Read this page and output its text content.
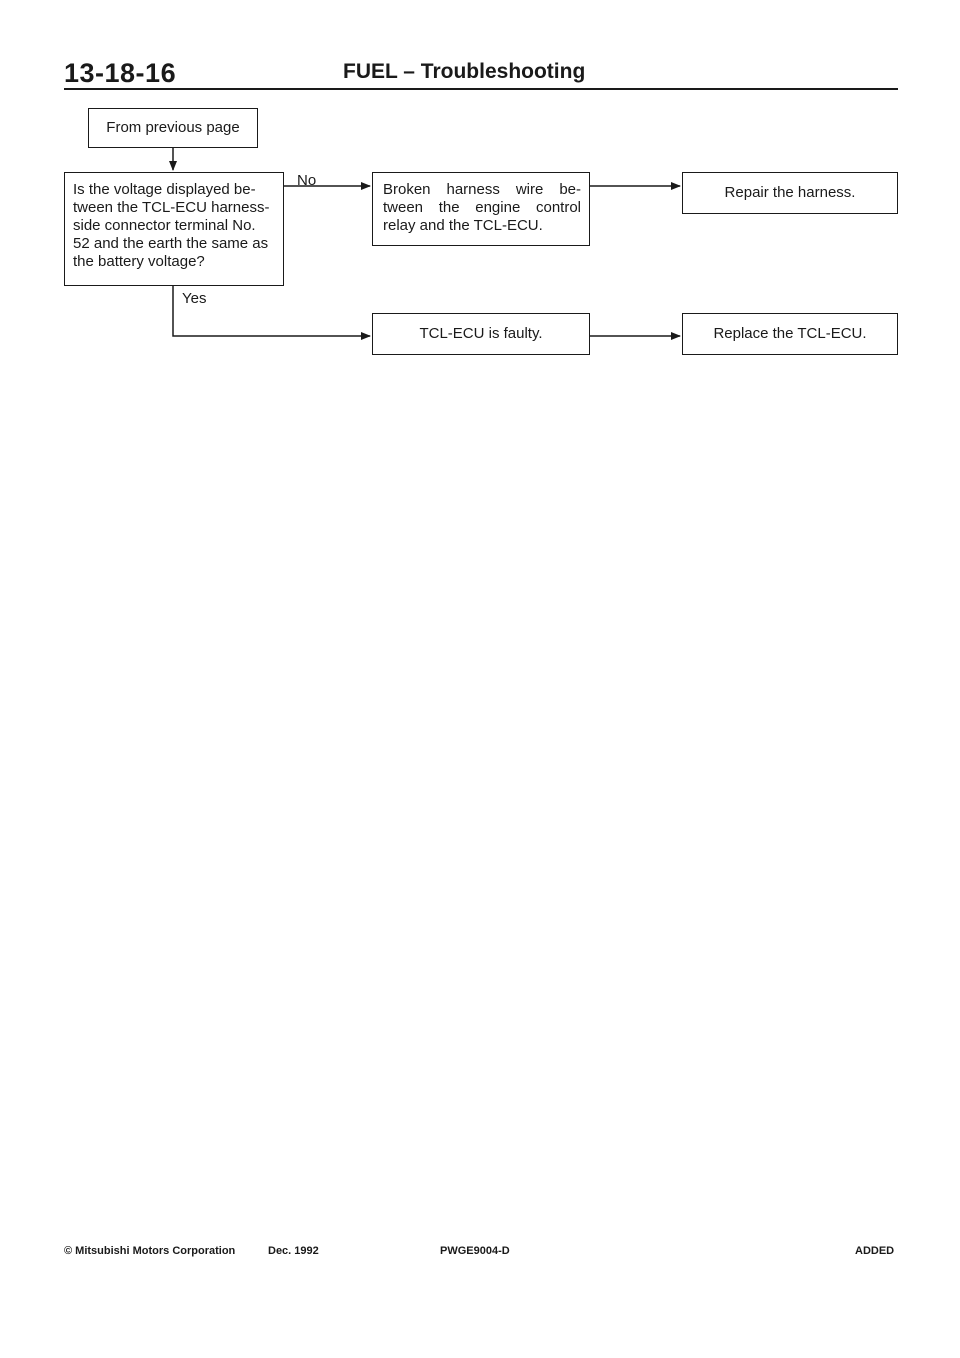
13-18-16	FUEL – Troubleshooting
From previous page
Is the voltage displayed be-tween the TCL-ECU harness-side connector terminal No. 52 and the earth the same as the battery voltage?
No
Yes
Broken harness wire be-tween the engine control relay and the TCL-ECU.
Repair the harness.
TCL-ECU is faulty.	Replace the TCL-ECU.
© Mitsubishi Motors Corporation	Dec. 1992	PWGE9004-D	ADDED
